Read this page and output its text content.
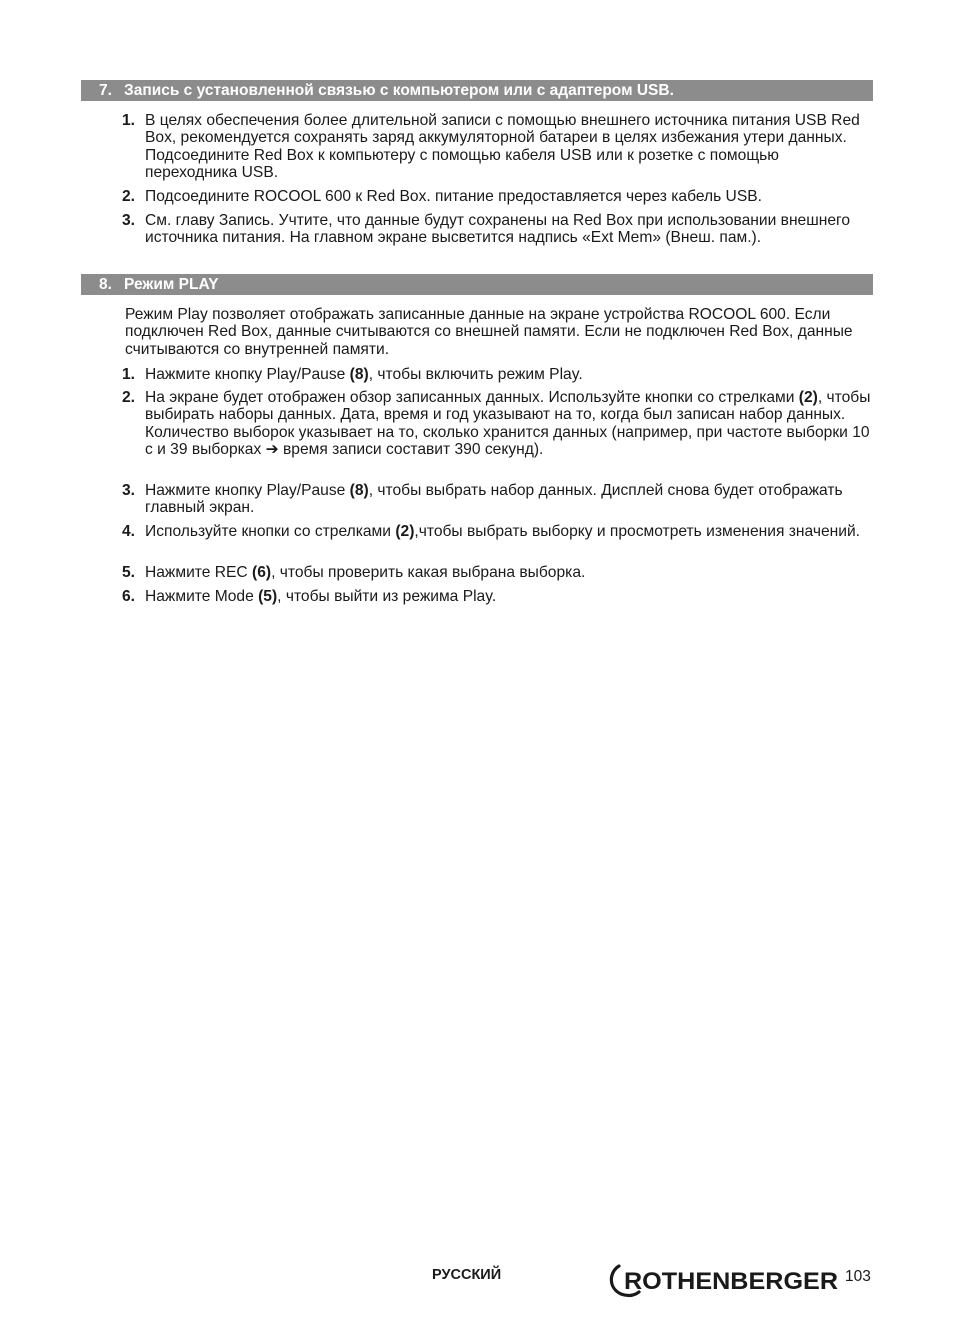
7. Запись с установленной связью с компьютером или с адаптером USB.
1. В целях обеспечения более длительной записи с помощью внешнего источника питания USB Red Box, рекомендуется сохранять заряд аккумуляторной батареи в целях избежания утери данных. Подсоедините Red Box к компьютеру с помощью кабеля USB или к розетке с помощью переходника USB.
2. Подсоедините ROCOOL 600 к Red Box. питание предоставляется через кабель USB.
3. См. главу Запись. Учтите, что данные будут сохранены на Red Box при использовании внешнего источника питания. На главном экране высветится надпись «Ext Mem» (Внеш. пам.).
8. Режим PLAY
Режим Play позволяет отображать записанные данные на экране устройства ROCOOL 600. Если подключен Red Box, данные считываются со внешней памяти. Если не подключен Red Box, данные считываются со внутренней памяти.
1. Нажмите кнопку Play/Pause (8), чтобы включить режим Play.
2. На экране будет отображен обзор записанных данных. Используйте кнопки со стрелками (2), чтобы выбирать наборы данных. Дата, время и год указывают на то, когда был записан набор данных.
Количество выборок указывает на то, сколько хранится данных (например, при частоте выборки 10 с и 39 выборках ➔ время записи составит 390 секунд).
3. Нажмите кнопку Play/Pause (8), чтобы выбрать набор данных. Дисплей снова будет отображать главный экран.
4. Используйте кнопки со стрелками (2),чтобы выбрать выборку и просмотреть изменения значений.
5. Нажмите REC (6), чтобы проверить какая выбрана выборка.
6. Нажмите Mode (5), чтобы выйти из режима Play.
РУССКИЙ	ROTHENBERGER 103
